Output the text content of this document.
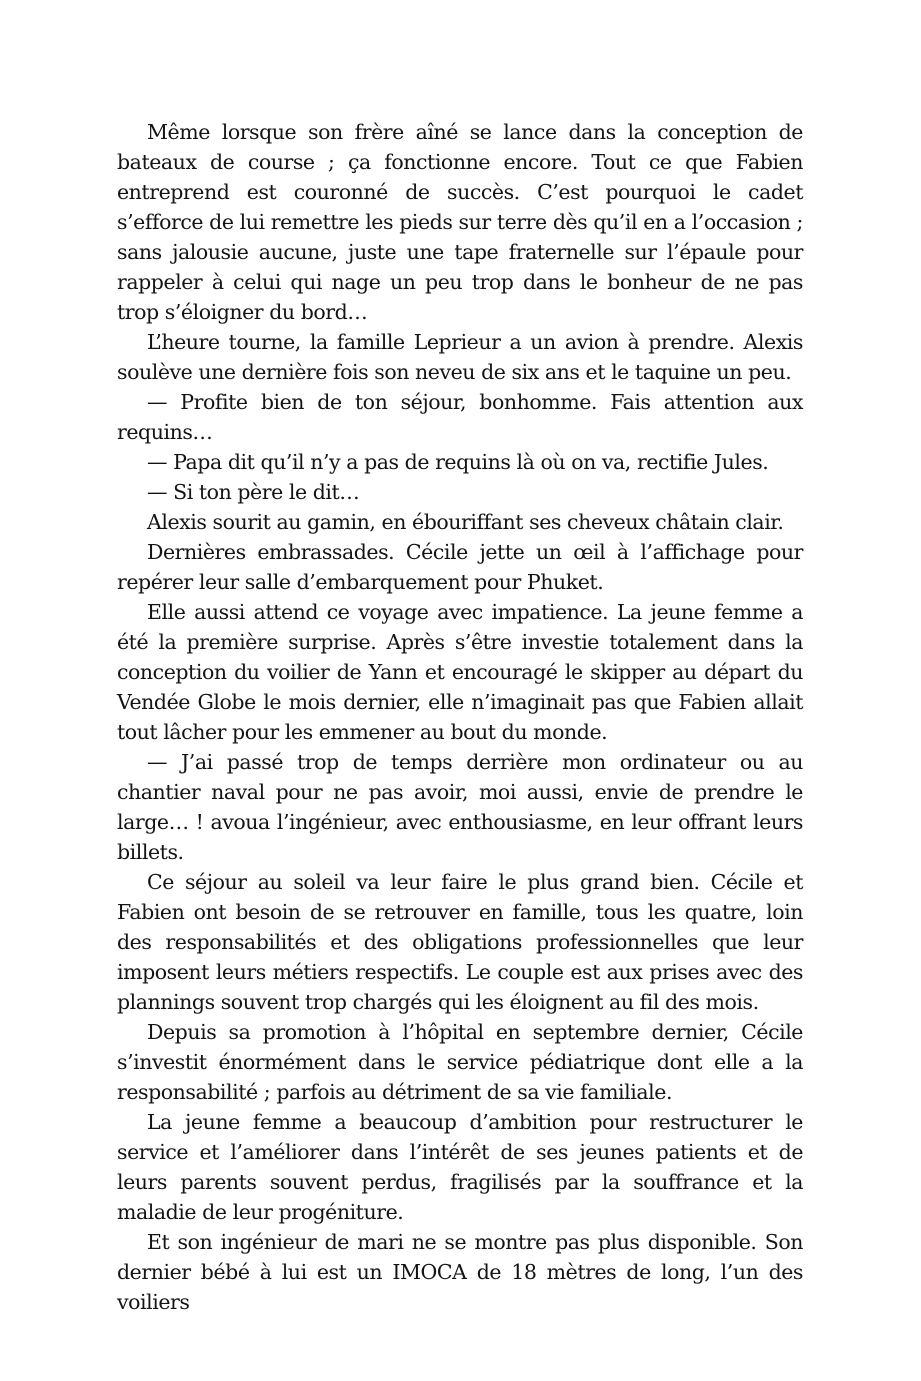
Même lorsque son frère aîné se lance dans la conception de bateaux de course ; ça fonctionne encore. Tout ce que Fabien entreprend est couronné de succès. C’est pourquoi le cadet s’efforce de lui remettre les pieds sur terre dès qu’il en a l’occasion ; sans jalousie aucune, juste une tape fraternelle sur l’épaule pour rappeler à celui qui nage un peu trop dans le bonheur de ne pas trop s’éloigner du bord…

L’heure tourne, la famille Leprieur a un avion à prendre. Alexis soulève une dernière fois son neveu de six ans et le taquine un peu.

— Profite bien de ton séjour, bonhomme. Fais attention aux requins…

— Papa dit qu’il n’y a pas de requins là où on va, rectifie Jules.

— Si ton père le dit…

Alexis sourit au gamin, en ébouriffant ses cheveux châtain clair.

Dernières embrassades. Cécile jette un œil à l’affichage pour repérer leur salle d’embarquement pour Phuket.

Elle aussi attend ce voyage avec impatience. La jeune femme a été la première surprise. Après s’être investie totalement dans la conception du voilier de Yann et encouragé le skipper au départ du Vendée Globe le mois dernier, elle n’imaginait pas que Fabien allait tout lâcher pour les emmener au bout du monde.

— J’ai passé trop de temps derrière mon ordinateur ou au chantier naval pour ne pas avoir, moi aussi, envie de prendre le large… ! avoua l’ingénieur, avec enthousiasme, en leur offrant leurs billets.

Ce séjour au soleil va leur faire le plus grand bien. Cécile et Fabien ont besoin de se retrouver en famille, tous les quatre, loin des responsabilités et des obligations professionnelles que leur imposent leurs métiers respectifs. Le couple est aux prises avec des plannings souvent trop chargés qui les éloignent au fil des mois.

Depuis sa promotion à l’hôpital en septembre dernier, Cécile s’investit énormément dans le service pédiatrique dont elle a la responsabilité ; parfois au détriment de sa vie familiale.

La jeune femme a beaucoup d’ambition pour restructurer le service et l’améliorer dans l’intérêt de ses jeunes patients et de leurs parents souvent perdus, fragilisés par la souffrance et la maladie de leur progéniture.

Et son ingénieur de mari ne se montre pas plus disponible. Son dernier bébé à lui est un IMOCA de 18 mètres de long, l’un des voiliers
